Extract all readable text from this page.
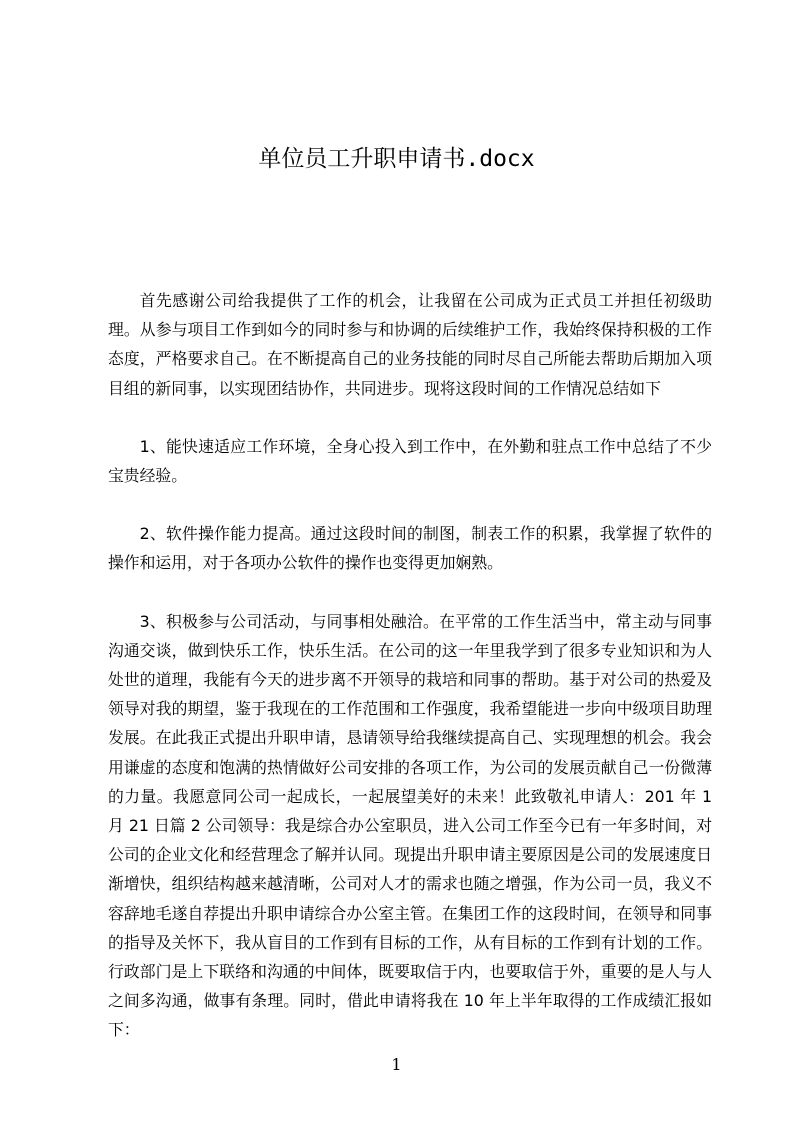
单位员工升职申请书.docx

首先感谢公司给我提供了工作的机会，让我留在公司成为正式员工并担任初级助理。从参与项目工作到如今的同时参与和协调的后续维护工作，我始终保持积极的工作态度，严格要求自己。在不断提高自己的业务技能的同时尽自己所能去帮助后期加入项目组的新同事，以实现团结协作，共同进步。现将这段时间的工作情况总结如下

1、能快速适应工作环境，全身心投入到工作中，在外勤和驻点工作中总结了不少宝贵经验。

2、软件操作能力提高。通过这段时间的制图，制表工作的积累，我掌握了软件的操作和运用，对于各项办公软件的操作也变得更加娴熟。

3、积极参与公司活动，与同事相处融洽。在平常的工作生活当中，常主动与同事沟通交谈，做到快乐工作，快乐生活。在公司的这一年里我学到了很多专业知识和为人处世的道理，我能有今天的进步离不开领导的栽培和同事的帮助。基于对公司的热爱及领导对我的期望，鉴于我现在的工作范围和工作强度，我希望能进一步向中级项目助理发展。在此我正式提出升职申请，恳请领导给我继续提高自己、实现理想的机会。我会用谦虚的态度和饱满的热情做好公司安排的各项工作，为公司的发展贡献自己一份微薄的力量。我愿意同公司一起成长，一起展望美好的未来！此致敬礼申请人：201 年 1 月 21 日篇 2 公司领导：我是综合办公室职员，进入公司工作至今已有一年多时间，对公司的企业文化和经营理念了解并认同。现提出升职申请主要原因是公司的发展速度日渐增快，组织结构越来越清晰，公司对人才的需求也随之增强，作为公司一员，我义不容辞地毛遂自荐提出升职申请综合办公室主管。在集团工作的这段时间，在领导和同事的指导及关怀下，我从盲目的工作到有目标的工作，从有目标的工作到有计划的工作。行政部门是上下联络和沟通的中间体，既要取信于内，也要取信于外，重要的是人与人之间多沟通，做事有条理。同时，借此申请将我在 10 年上半年取得的工作成绩汇报如下：

1
